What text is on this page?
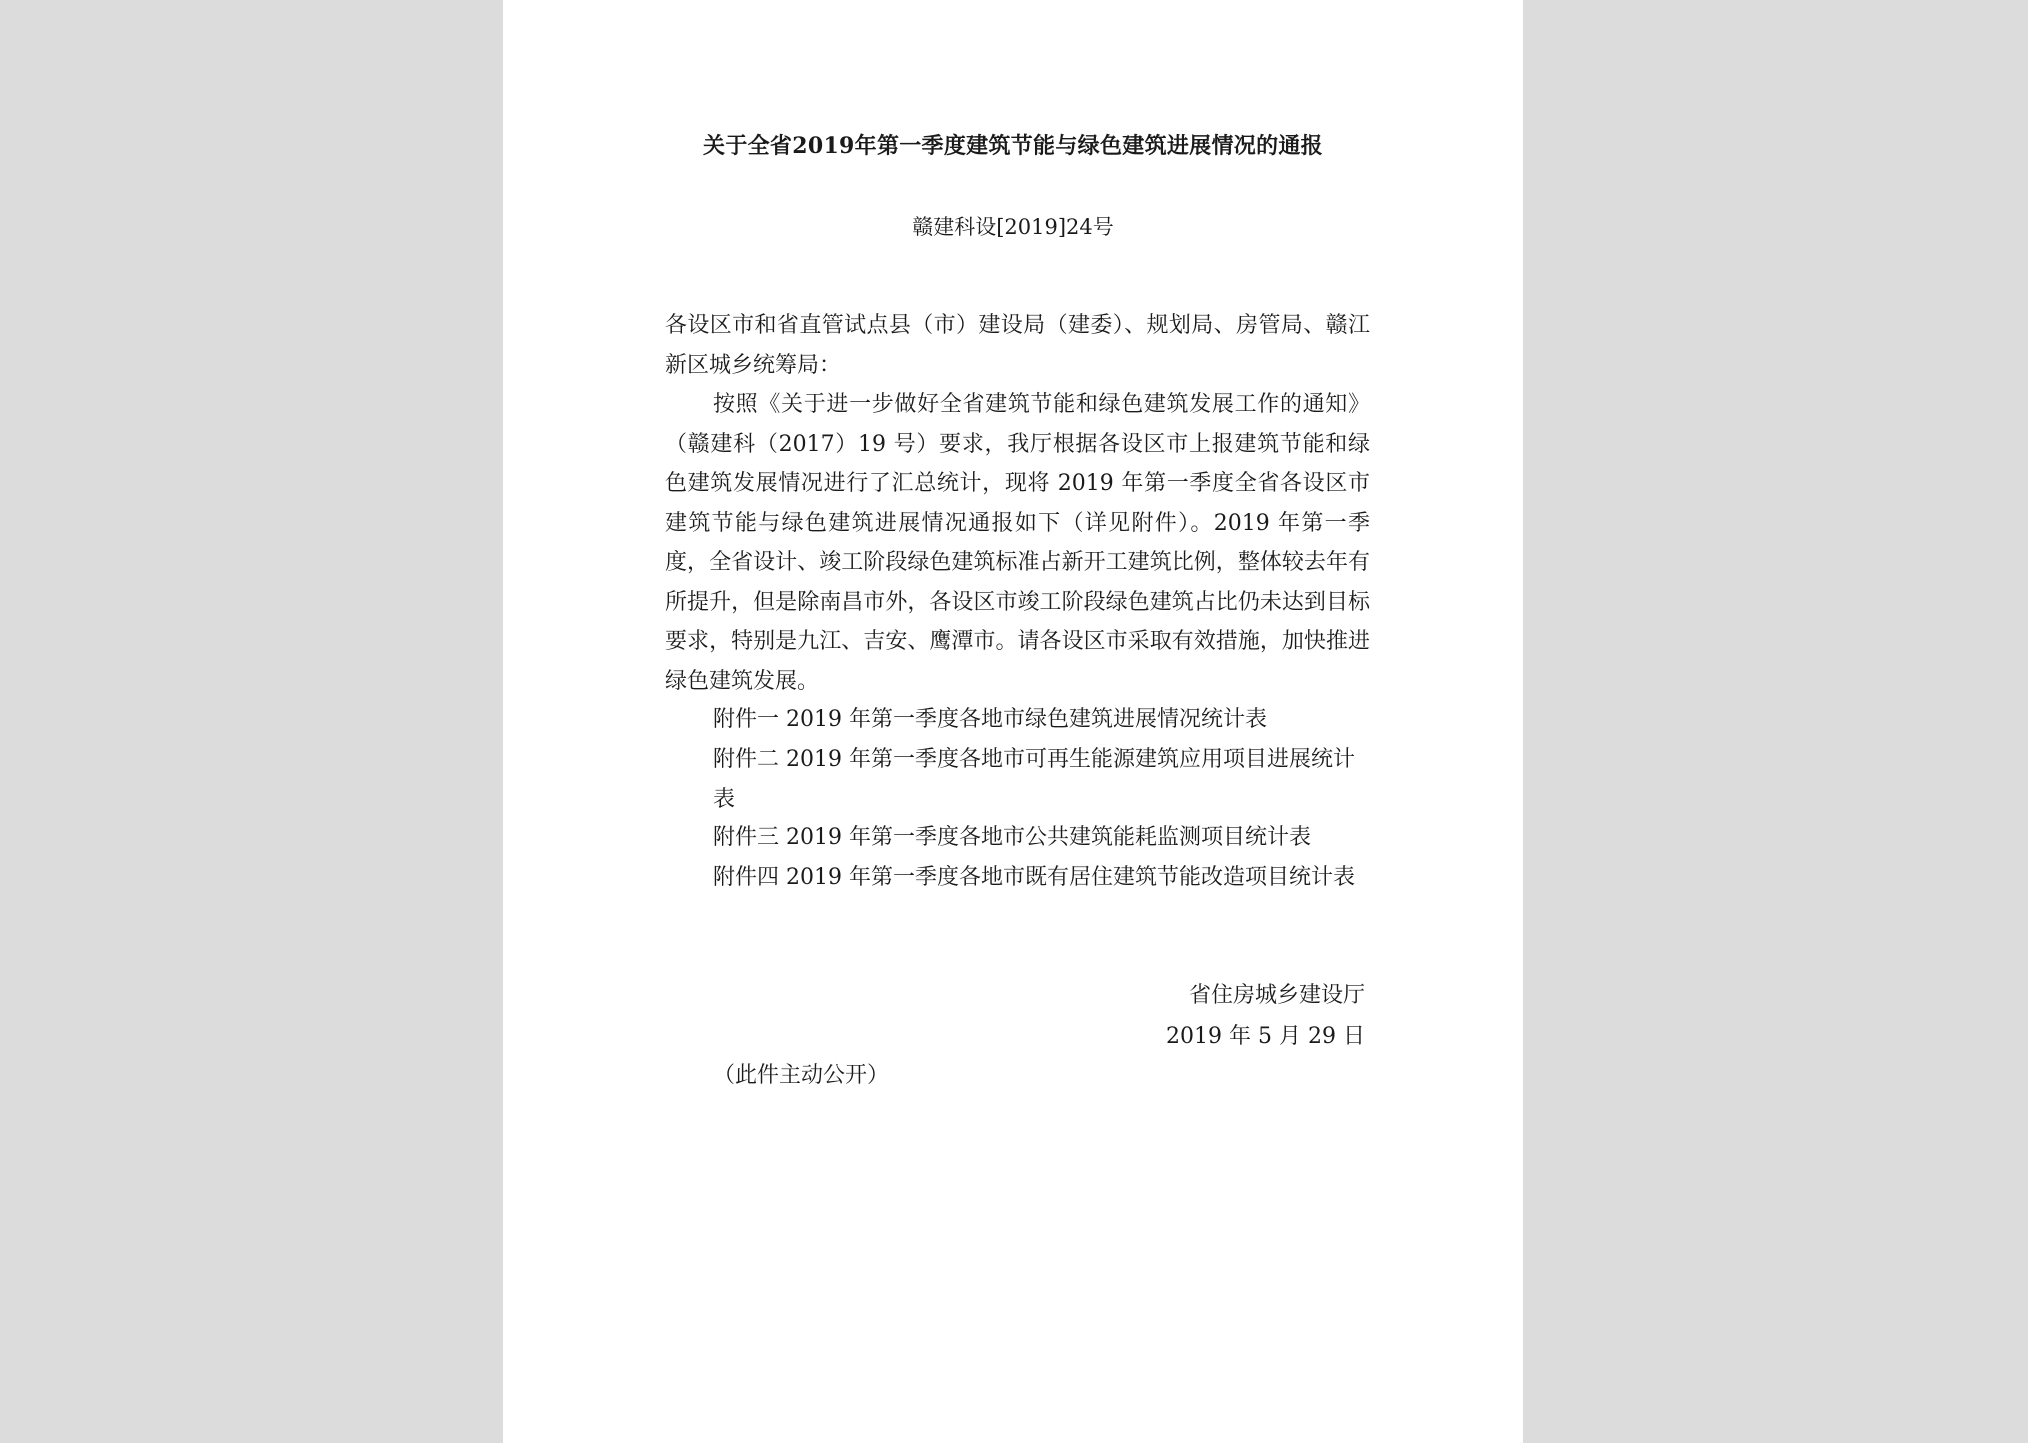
关于全省2019年第一季度建筑节能与绿色建筑进展情况的通报
赣建科设[2019]24号
各设区市和省直管试点县（市）建设局（建委）、规划局、房管局、赣江新区城乡统筹局：
按照《关于进一步做好全省建筑节能和绿色建筑发展工作的通知》（赣建科（2017）19 号）要求，我厅根据各设区市上报建筑节能和绿色建筑发展情况进行了汇总统计，现将 2019 年第一季度全省各设区市建筑节能与绿色建筑进展情况通报如下（详见附件）。2019 年第一季度，全省设计、竣工阶段绿色建筑标准占新开工建筑比例，整体较去年有所提升，但是除南昌市外，各设区市竣工阶段绿色建筑占比仍未达到目标要求，特别是九江、吉安、鹰潭市。请各设区市采取有效措施，加快推进绿色建筑发展。
附件一 2019 年第一季度各地市绿色建筑进展情况统计表
附件二 2019 年第一季度各地市可再生能源建筑应用项目进展统计表
附件三 2019 年第一季度各地市公共建筑能耗监测项目统计表
附件四 2019 年第一季度各地市既有居住建筑节能改造项目统计表
省住房城乡建设厅
2019 年 5 月 29 日
（此件主动公开）
